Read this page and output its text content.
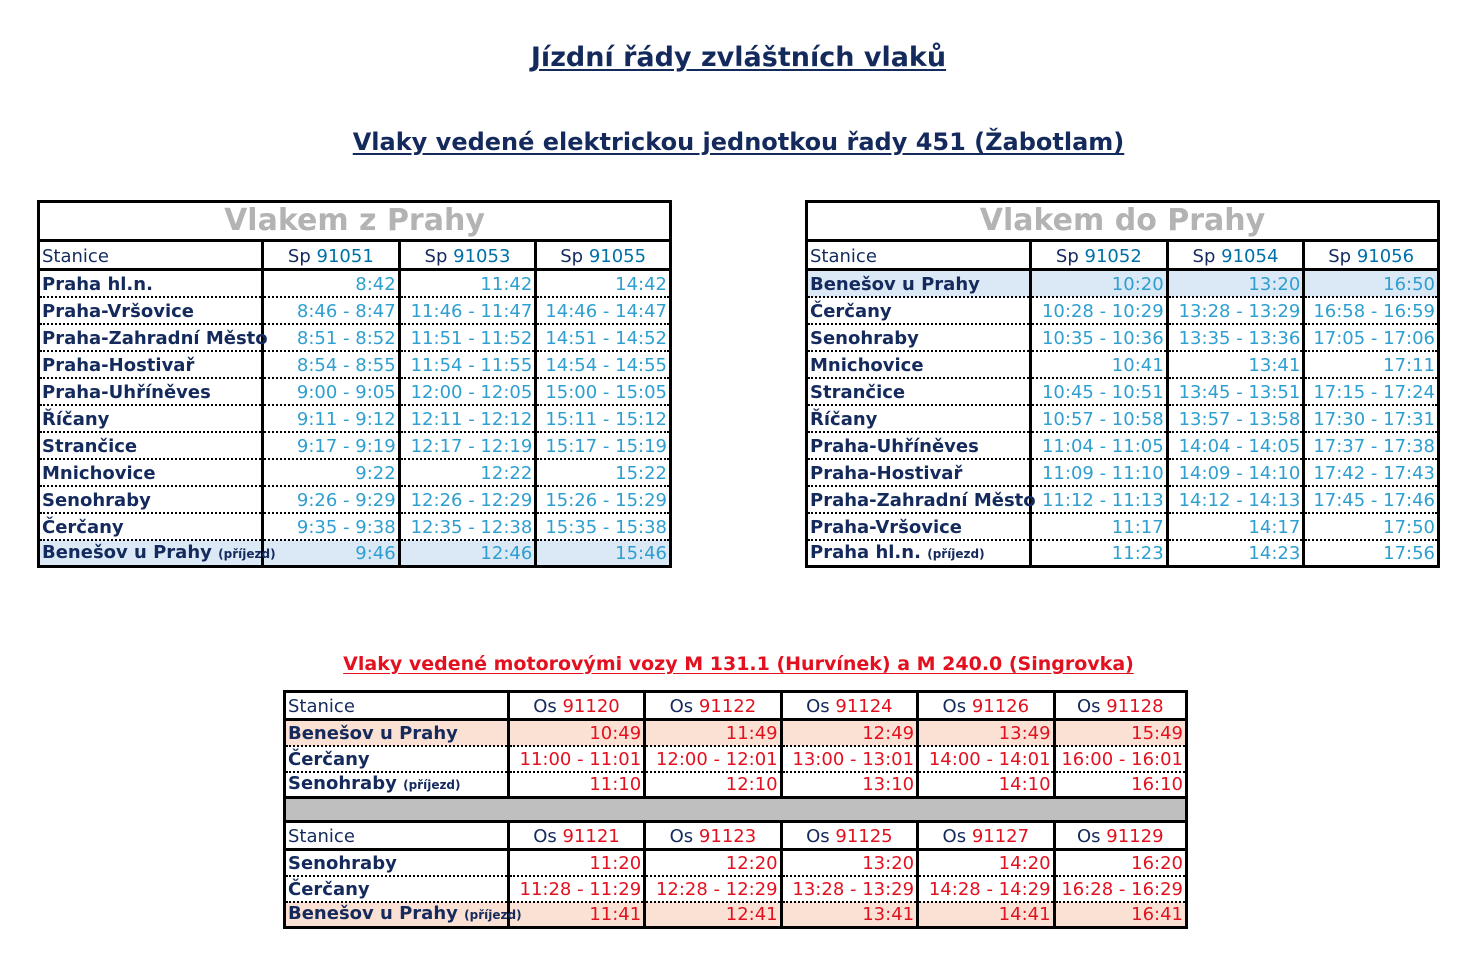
Jízdní řády zvláštních vlaků
Vlaky vedené elektrickou jednotkou řady 451 (Žabotlam)
Vlakem z Prahy			
Stanice	Sp 91051	Sp 91053	Sp 91055
Praha hl.n.	8:42	11:42	14:42
Praha-Vršovice	8:46 - 8:47	11:46 - 11:47	14:46 - 14:47
Praha-Zahradní Město	8:51 - 8:52	11:51 - 11:52	14:51 - 14:52
Praha-Hostivař	8:54 - 8:55	11:54 - 11:55	14:54 - 14:55
Praha-Uhříněves	9:00 - 9:05	12:00 - 12:05	15:00 - 15:05
Říčany	9:11 - 9:12	12:11 - 12:12	15:11 - 15:12
Strančice	9:17 - 9:19	12:17 - 12:19	15:17 - 15:19
Mnichovice	9:22	12:22	15:22
Senohraby	9:26 - 9:29	12:26 - 12:29	15:26 - 15:29
Čerčany	9:35 - 9:38	12:35 - 12:38	15:35 - 15:38
Benešov u Prahy (příjezd)	9:46	12:46	15:46
Vlakem do Prahy			
Stanice	Sp 91052	Sp 91054	Sp 91056
Benešov u Prahy	10:20	13:20	16:50
Čerčany	10:28 - 10:29	13:28 - 13:29	16:58 - 16:59
Senohraby	10:35 - 10:36	13:35 - 13:36	17:05 - 17:06
Mnichovice	10:41	13:41	17:11
Strančice	10:45 - 10:51	13:45 - 13:51	17:15 - 17:24
Říčany	10:57 - 10:58	13:57 - 13:58	17:30 - 17:31
Praha-Uhříněves	11:04 - 11:05	14:04 - 14:05	17:37 - 17:38
Praha-Hostivař	11:09 - 11:10	14:09 - 14:10	17:42 - 17:43
Praha-Zahradní Město	11:12 - 11:13	14:12 - 14:13	17:45 - 17:46
Praha-Vršovice	11:17	14:17	17:50
Praha hl.n. (příjezd)	11:23	14:23	17:56
Vlaky vedené motorovými vozy M 131.1 (Hurvínek) a M 240.0 (Singrovka)
Stanice	Os 91120	Os 91122	Os 91124	Os 91126	Os 91128
Benešov u Prahy	10:49	11:49	12:49	13:49	15:49
Čerčany	11:00 - 11:01	12:00 - 12:01	13:00 - 13:01	14:00 - 14:01	16:00 - 16:01
Senohraby (příjezd)	11:10	12:10	13:10	14:10	16:10

Stanice	Os 91121	Os 91123	Os 91125	Os 91127	Os 91129
Senohraby	11:20	12:20	13:20	14:20	16:20
Čerčany	11:28 - 11:29	12:28 - 12:29	13:28 - 13:29	14:28 - 14:29	16:28 - 16:29
Benešov u Prahy (příjezd)	11:41	12:41	13:41	14:41	16:41
